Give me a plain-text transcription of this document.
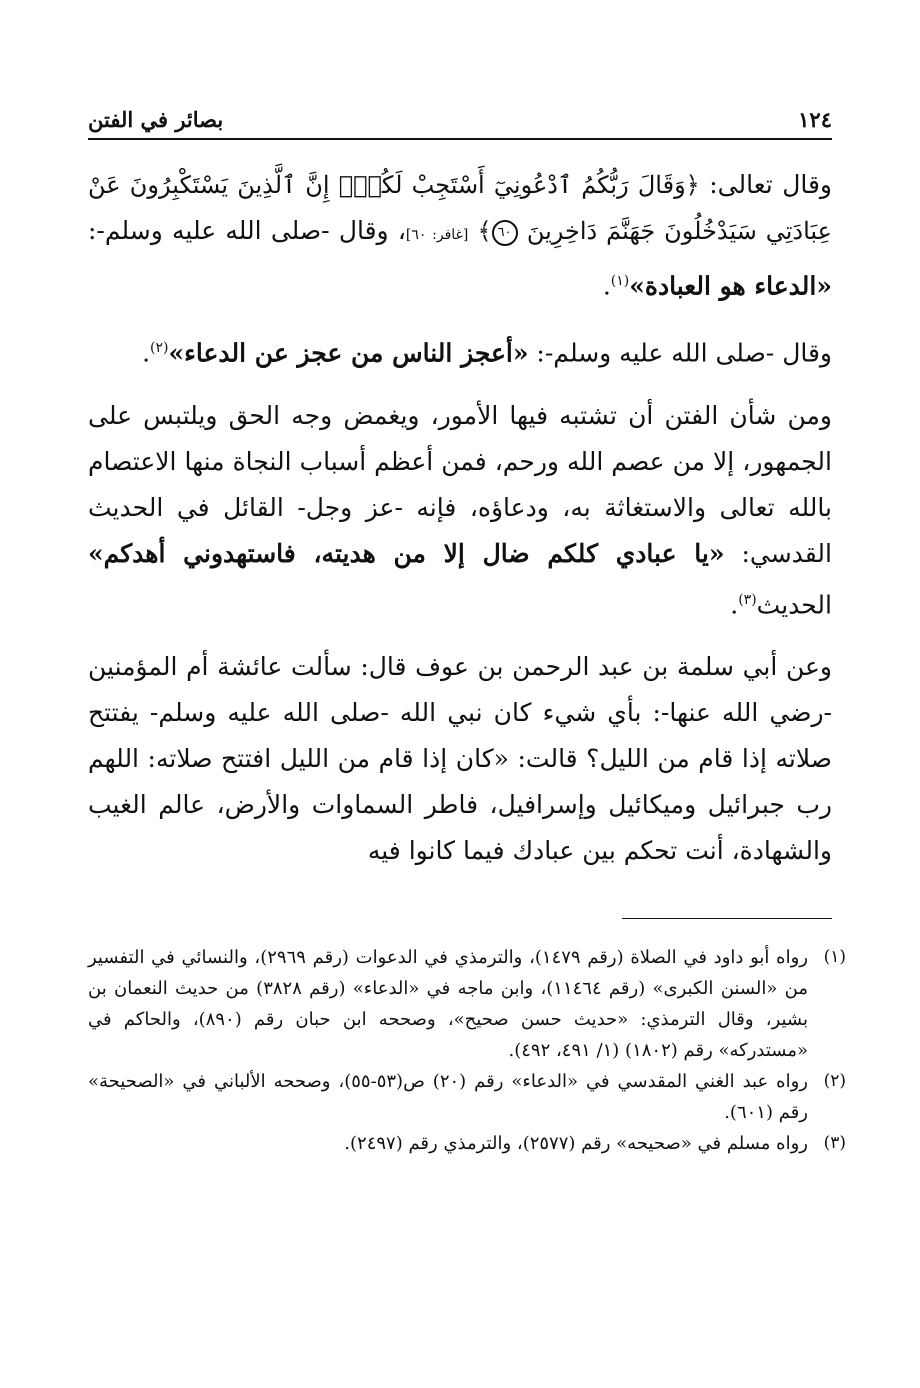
١٢٤
بصائر في الفتن

وقال تعالى: ﴿وَقَالَ رَبُّكُمُ ٱدْعُونِيٓ أَسْتَجِبْ لَكُمْۚ إِنَّ ٱلَّذِينَ يَسْتَكْبِرُونَ عَنْ عِبَادَتِي سَيَدْخُلُونَ جَهَنَّمَ دَاخِرِينَ ٦٠﴾ [غافر: ٦٠]، وقال -صلى الله عليه وسلم-: «الدعاء هو العبادة»$^{(١)}$.

وقال -صلى الله عليه وسلم-: «أعجز الناس من عجز عن الدعاء»$^{(٢)}$.

ومن شأن الفتن أن تشتبه فيها الأمور، ويغمض وجه الحق ويلتبس على الجمهور، إلا من عصم الله ورحم، فمن أعظم أسباب النجاة منها الاعتصام بالله تعالى والاستغاثة به، ودعاؤه، فإنه -عز وجل- القائل في الحديث القدسي: «يا عبادي كلكم ضال إلا من هديته، فاستهدوني أهدكم» الحديث$^{(٣)}$.

وعن أبي سلمة بن عبد الرحمن بن عوف قال: سألت عائشة أم المؤمنين -رضي الله عنها-: بأي شيء كان نبي الله -صلى الله عليه وسلم- يفتتح صلاته إذا قام من الليل؟ قالت: «كان إذا قام من الليل افتتح صلاته: اللهم رب جبرائيل وميكائيل وإسرافيل، فاطر السماوات والأرض، عالم الغيب والشهادة، أنت تحكم بين عبادك فيما كانوا فيه

(١)
رواه أبو داود في الصلاة (رقم ١٤٧٩)، والترمذي في الدعوات (رقم ٢٩٦٩)، والنسائي في التفسير من «السنن الكبرى» (رقم ١١٤٦٤)، وابن ماجه في «الدعاء» (رقم ٣٨٢٨) من حديث النعمان بن بشير، وقال الترمذي: «حديث حسن صحيح»، وصححه ابن حبان رقم (٨٩٠)، والحاكم في «مستدركه» رقم (١٨٠٢) (١/ ٤٩١، ٤٩٢).
(٢)
رواه عبد الغني المقدسي في «الدعاء» رقم (٢٠) ص(٥٣-٥٥)، وصححه الألباني في «الصحيحة» رقم (٦٠١).
(٣)
رواه مسلم في «صحيحه» رقم (٢٥٧٧)، والترمذي رقم (٢٤٩٧).
